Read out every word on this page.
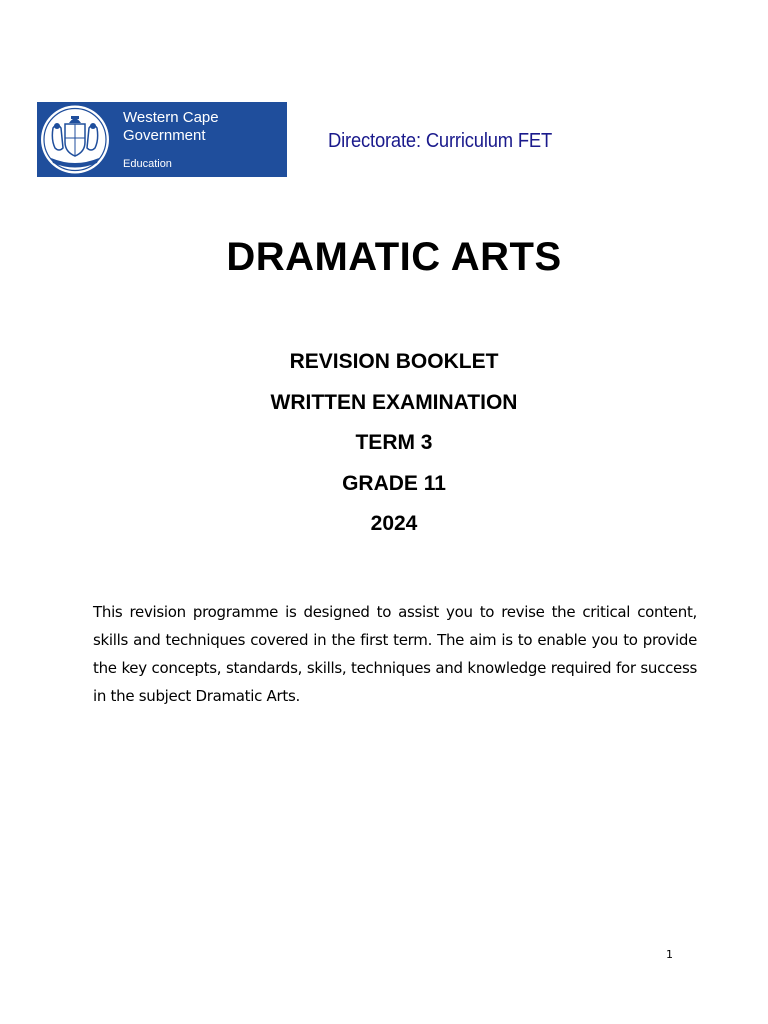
Western Cape
Government
Education
Directorate: Curriculum FET
DRAMATIC ARTS
REVISION BOOKLET
WRITTEN EXAMINATION
TERM 3
GRADE 11
2024

This revision programme is designed to assist you to revise the critical content, skills and techniques covered in the first term. The aim is to enable you to provide the key concepts, standards, skills, techniques and knowledge required for success in the subject Dramatic Arts.

1
